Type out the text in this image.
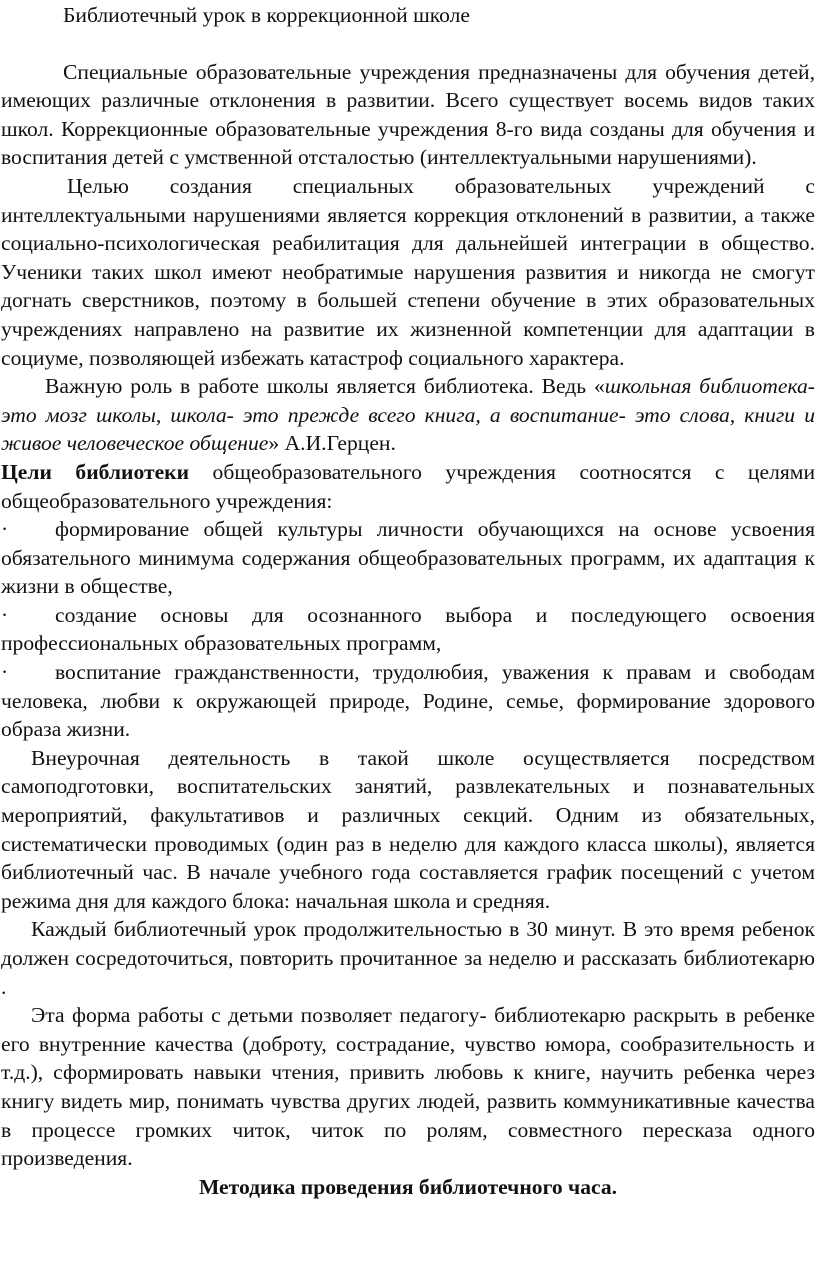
Библиотечный урок в коррекционной школе

Специальные образовательные учреждения предназначены для обучения детей, имеющих различные отклонения в развитии. Всего существует восемь видов таких школ. Коррекционные образовательные учреждения 8-го вида созданы для обучения и воспитания детей с умственной отсталостью (интеллектуальными нарушениями).

Целью создания специальных образовательных учреждений с интеллектуальными нарушениями является коррекция отклонений в развитии, а также социально-психологическая реабилитация для дальнейшей интеграции в общество. Ученики таких школ имеют необратимые нарушения развития и никогда не смогут догнать сверстников, поэтому в большей степени обучение в этих образовательных учреждениях направлено на развитие их жизненной компетенции для адаптации в социуме, позволяющей избежать катастроф социального характера.

Важную роль в работе школы является библиотека. Ведь «школьная библиотека- это мозг школы, школа- это прежде всего книга, а воспитание- это слова, книги и живое человеческое общение» А.И.Герцен.

Цели библиотеки общеобразовательного учреждения соотносятся с целями общеобразовательного учреждения:

· формирование общей культуры личности обучающихся на основе усвоения обязательного минимума содержания общеобразовательных программ, их адаптация к жизни в обществе,

· создание основы для осознанного выбора и последующего освоения профессиональных образовательных программ,

· воспитание гражданственности, трудолюбия, уважения к правам и свободам человека, любви к окружающей природе, Родине, семье, формирование здорового образа жизни.

Внеурочная деятельность в такой школе осуществляется посредством самоподготовки, воспитательских занятий, развлекательных и познавательных мероприятий, факультативов и различных секций. Одним из обязательных, систематически проводимых (один раз в неделю для каждого класса школы), является библиотечный час. В начале учебного года составляется график посещений с учетом режима дня для каждого блока: начальная школа и средняя.

Каждый библиотечный урок продолжительностью в 30 минут. В это время ребенок должен сосредоточиться, повторить прочитанное за неделю и рассказать библиотекарю .

Эта форма работы с детьми позволяет педагогу- библиотекарю раскрыть в ребенке его внутренние качества (доброту, сострадание, чувство юмора, сообразительность и т.д.), сформировать навыки чтения, привить любовь к книге, научить ребенка через книгу видеть мир, понимать чувства других людей, развить коммуникативные качества в процессе громких читок, читок по ролям, совместного пересказа одного произведения.

Методика проведения библиотечного часа.
